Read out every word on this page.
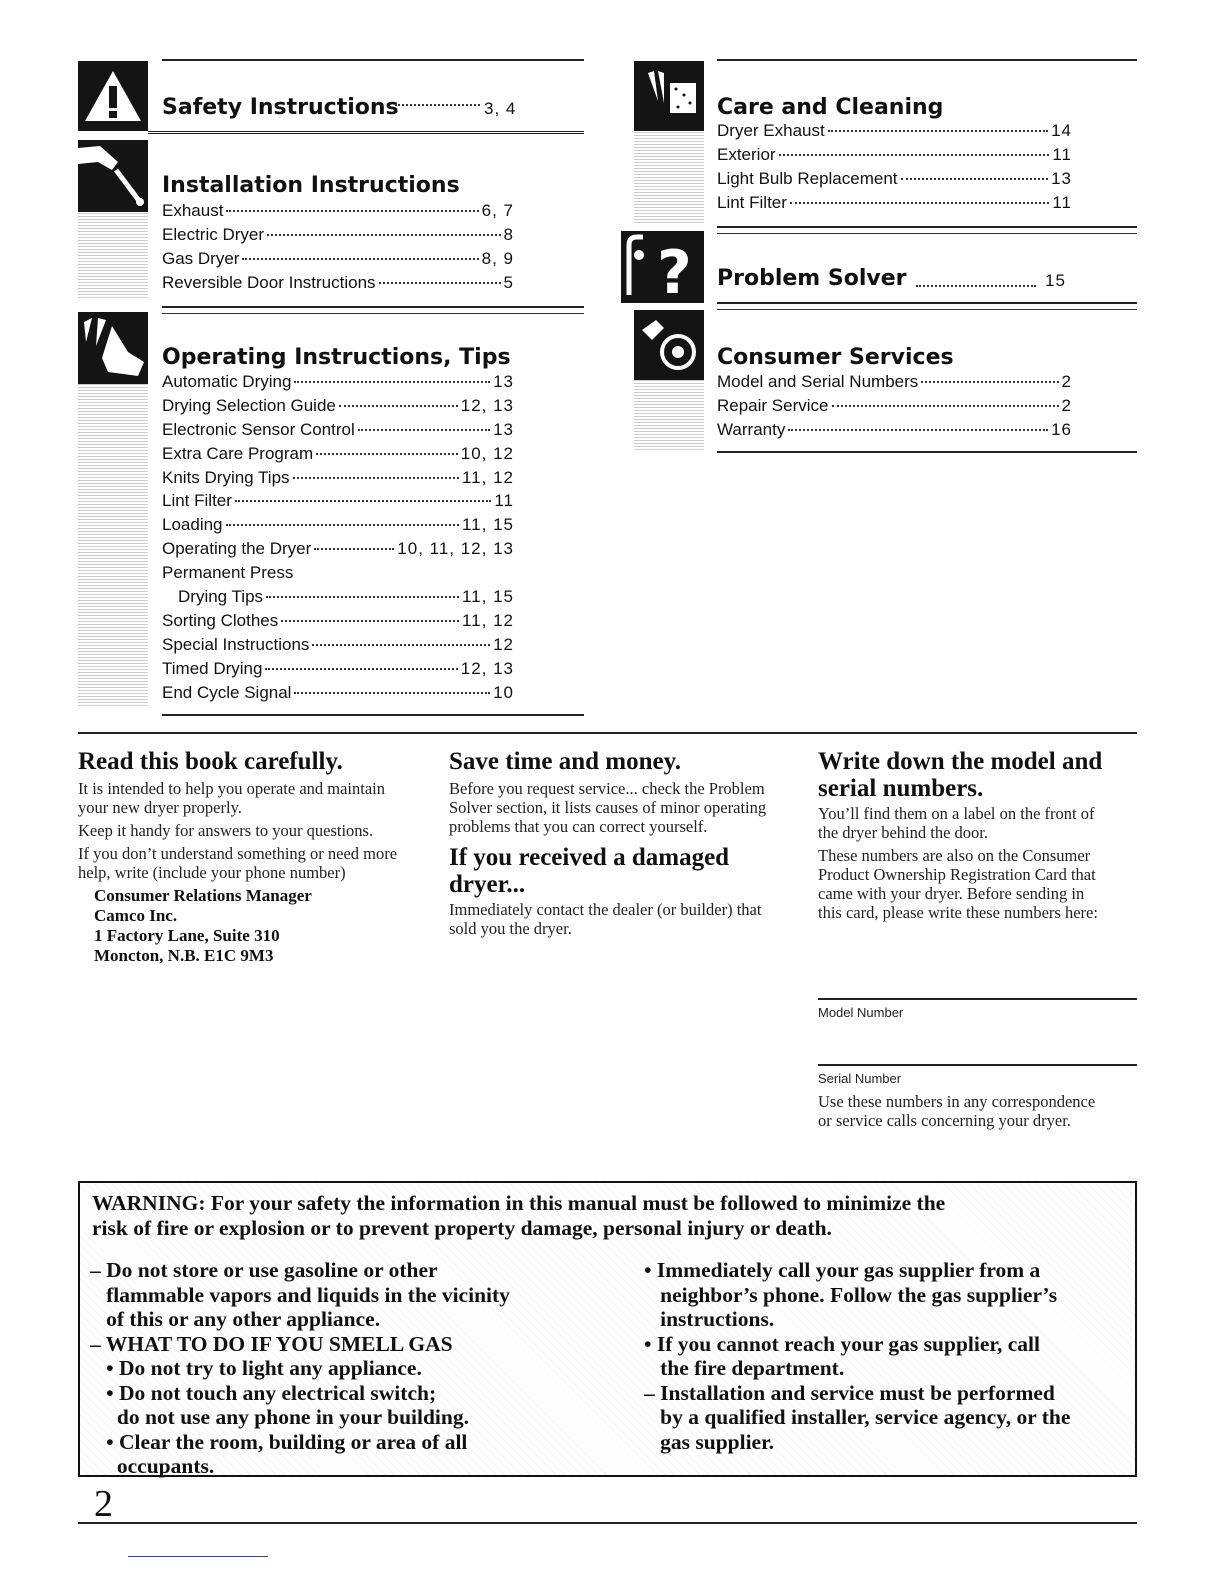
Safety Instructions	3, 4
Installation Instructions
Exhaust	6, 7
Electric Dryer	8
Gas Dryer	8, 9
Reversible Door Instructions	5
Operating Instructions, Tips
Automatic Drying	13
Drying Selection Guide	12, 13
Electronic Sensor Control	13
Extra Care Program	10, 12
Knits Drying Tips	11, 12
Lint Filter	11
Loading	11, 15
Operating the Dryer	10, 11, 12, 13
Permanent Press
Drying Tips	11, 15
Sorting Clothes	11, 12
Special Instructions	12
Timed Drying	12, 13
End Cycle Signal	10
Care and Cleaning
Dryer Exhaust	14
Exterior	11
Light Bulb Replacement	13
Lint Filter	11
? Problem Solver	15
Consumer Services
Model and Serial Numbers	2
Repair Service	2
Warranty	16
Read this book carefully.

It is intended to help you operate and maintain your new dryer properly.

Keep it handy for answers to your questions.

If you don’t understand something or need more help, write (include your phone number)

Consumer Relations Manager
Camco Inc.
1 Factory Lane, Suite 310
Moncton, N.B. E1C 9M3
Save time and money.

Before you request service... check the Problem Solver section, it lists causes of minor operating problems that you can correct yourself.

If you received a damaged dryer...

Immediately contact the dealer (or builder) that sold you the dryer.

Write down the model and serial numbers.

You’ll find them on a label on the front of the dryer behind the door.

These numbers are also on the Consumer Product Ownership Registration Card that came with your dryer. Before sending in this card, please write these numbers here:

Model Number
Serial Number

Use these numbers in any correspondence or service calls concerning your dryer.

WARNING: For your safety the information in this manual must be followed to minimize the
risk of fire or explosion or to prevent property damage, personal injury or death.
– Do not store or use gasoline or other
flammable vapors and liquids in the vicinity
of this or any other appliance.
– WHAT TO DO IF YOU SMELL GAS
• Do not try to light any appliance.
• Do not touch any electrical switch;
do not use any phone in your building.
• Clear the room, building or area of all
occupants.
• Immediately call your gas supplier from a
neighbor’s phone. Follow the gas supplier’s
instructions.
• If you cannot reach your gas supplier, call
the fire department.
– Installation and service must be performed
by a qualified installer, service agency, or the
gas supplier.
2
